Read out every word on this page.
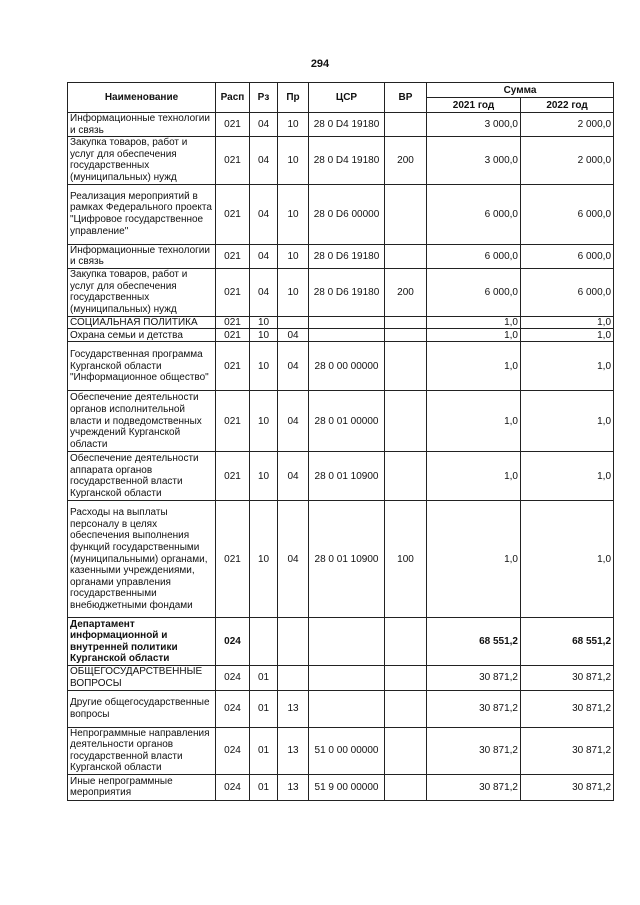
294
Наименование	Расп	Рз	Пр	ЦСР	ВР	Сумма	
						2021 год	2022 год
Информационные технологии и связь	021	04	10	28 0 D4 19180		3 000,0	2 000,0
Закупка товаров, работ и услуг для обеспечения государственных (муниципальных) нужд	021	04	10	28 0 D4 19180	200	3 000,0	2 000,0
Реализация мероприятий в рамках Федерального проекта "Цифровое государственное управление"	021	04	10	28 0 D6 00000		6 000,0	6 000,0
Информационные технологии и связь	021	04	10	28 0 D6 19180		6 000,0	6 000,0
Закупка товаров, работ и услуг для обеспечения государственных (муниципальных) нужд	021	04	10	28 0 D6 19180	200	6 000,0	6 000,0
СОЦИАЛЬНАЯ ПОЛИТИКА	021	10				1,0	1,0
Охрана семьи и детства	021	10	04			1,0	1,0
Государственная программа Курганской области "Информационное общество"	021	10	04	28 0 00 00000		1,0	1,0
Обеспечение деятельности органов исполнительной власти и подведомственных учреждений Курганской области	021	10	04	28 0 01 00000		1,0	1,0
Обеспечение деятельности аппарата органов государственной власти Курганской области	021	10	04	28 0 01 10900		1,0	1,0
Расходы на выплаты персоналу в целях обеспечения выполнения функций государственными (муниципальными) органами, казенными учреждениями, органами управления государственными внебюджетными фондами	021	10	04	28 0 01 10900	100	1,0	1,0
Департамент информационной и внутренней политики Курганской области	024					68 551,2	68 551,2
ОБЩЕГОСУДАРСТВЕННЫЕ ВОПРОСЫ	024	01				30 871,2	30 871,2
Другие общегосударственные вопросы	024	01	13			30 871,2	30 871,2
Непрограммные направления деятельности органов государственной власти Курганской области	024	01	13	51 0 00 00000		30 871,2	30 871,2
Иные непрограммные мероприятия	024	01	13	51 9 00 00000		30 871,2	30 871,2
